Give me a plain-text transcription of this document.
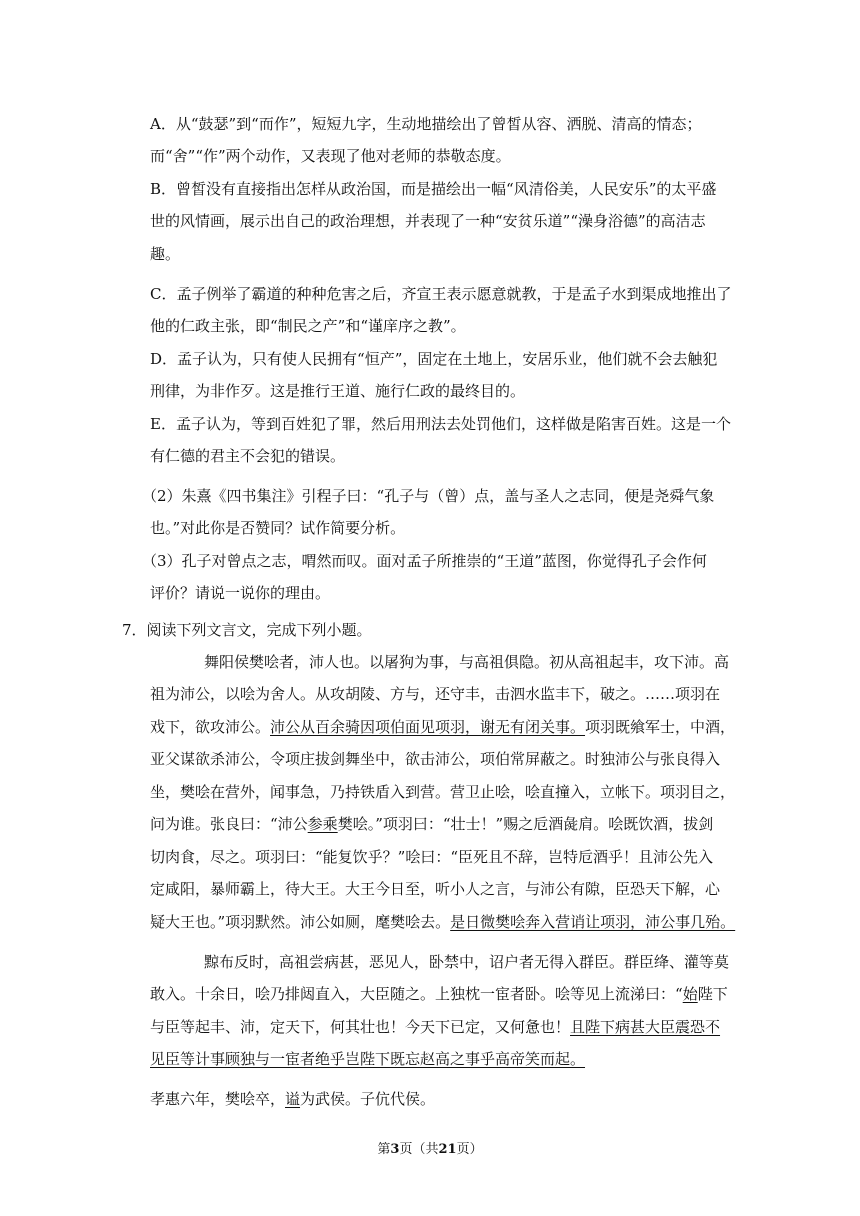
A．从“鼓瑟”到“而作”，短短九字，生动地描绘出了曾皙从容、洒脱、清高的情态；
而“舍”“作”两个动作，又表现了他对老师的恭敬态度。
B．曾皙没有直接指出怎样从政治国，而是描绘出一幅“风清俗美，人民安乐”的太平盛
世的风情画，展示出自己的政治理想，并表现了一种“安贫乐道”“澡身浴德”的高洁志
趣。
C．孟子例举了霸道的种种危害之后，齐宣王表示愿意就教，于是孟子水到渠成地推出了
他的仁政主张，即“制民之产”和“谨庠序之教”。
D．孟子认为，只有使人民拥有“恒产”，固定在土地上，安居乐业，他们就不会去触犯
刑律，为非作歹。这是推行王道、施行仁政的最终目的。
E．孟子认为，等到百姓犯了罪，然后用刑法去处罚他们，这样做是陷害百姓。这是一个
有仁德的君主不会犯的错误。
（2）朱熹《四书集注》引程子曰：“孔子与（曾）点，盖与圣人之志同，便是尧舜气象
也。”对此你是否赞同？试作简要分析。
（3）孔子对曾点之志，喟然而叹。面对孟子所推崇的“王道”蓝图，你觉得孔子会作何
评价？请说一说你的理由。
7．阅读下列文言文，完成下列小题。
舞阳侯樊哙者，沛人也。以屠狗为事，与高祖俱隐。初从高祖起丰，攻下沛。高
祖为沛公，以哙为舍人。从攻胡陵、方与，还守丰，击泗水监丰下，破之。……项羽在
戏下，欲攻沛公。沛公从百余骑因项伯面见项羽，谢无有闭关事。项羽既飨军士，中酒，
亚父谋欲杀沛公，令项庄拔剑舞坐中，欲击沛公，项伯常屏蔽之。时独沛公与张良得入
坐，樊哙在营外，闻事急，乃持铁盾入到营。营卫止哙，哙直撞入，立帐下。项羽目之，
问为谁。张良曰：“沛公参乘樊哙。”项羽曰：“壮士！”赐之卮酒彘肩。哙既饮酒，拔剑
切肉食，尽之。项羽曰：“能复饮乎？”哙曰：“臣死且不辞，岂特卮酒乎！且沛公先入
定咸阳，暴师霸上，待大王。大王今日至，听小人之言，与沛公有隙，臣恐天下解，心
疑大王也。”项羽默然。沛公如厕，麾樊哙去。是日微樊哙奔入营诮让项羽，沛公事几殆。
黥布反时，高祖尝病甚，恶见人，卧禁中，诏户者无得入群臣。群臣绛、灌等莫
敢入。十余日，哙乃排闼直入，大臣随之。上独枕一宦者卧。哙等见上流涕曰：“始陛下
与臣等起丰、沛，定天下，何其壮也！今天下已定，又何惫也！且陛下病甚大臣震恐不
见臣等计事顾独与一宦者绝乎岂陛下既忘赵高之事乎高帝笑而起。
孝惠六年，樊哙卒，谥为武侯。子伉代侯。
第3页（共21页）
